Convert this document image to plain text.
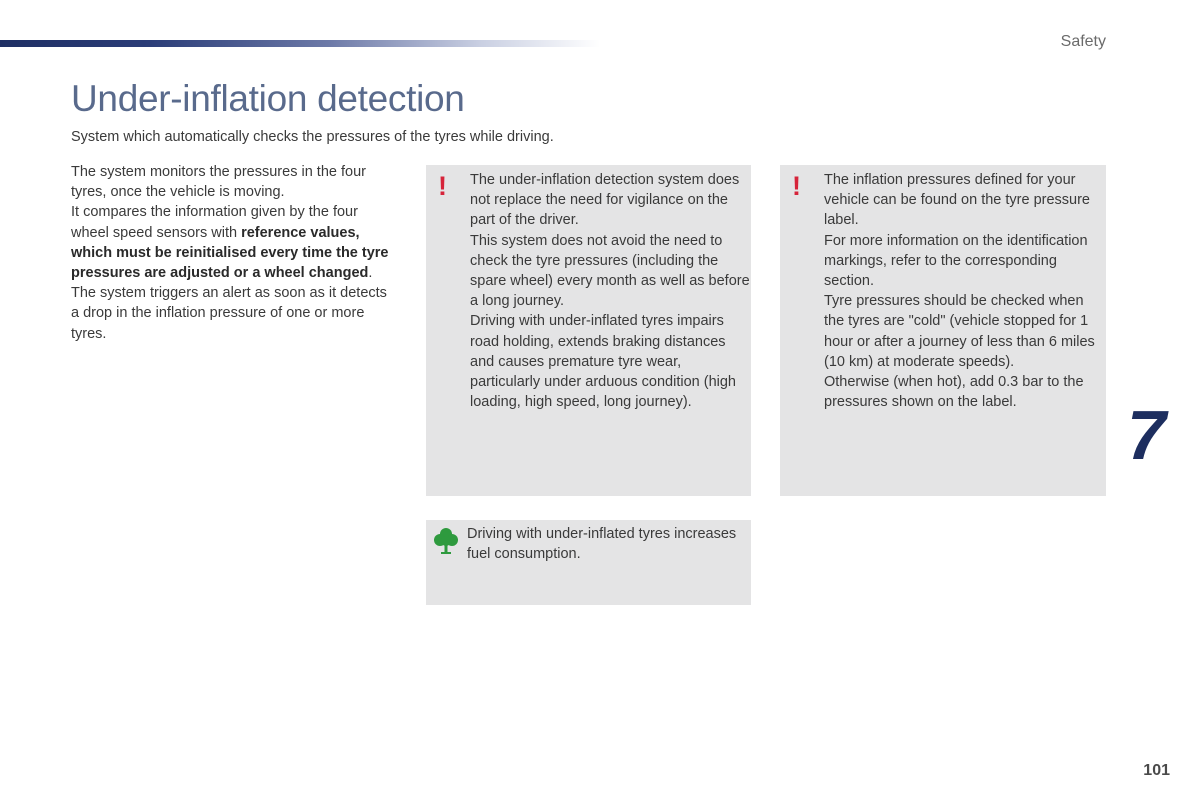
Safety
Under-inflation detection
System which automatically checks the pressures of the tyres while driving.

The system monitors the pressures in the four tyres, once the vehicle is moving.

It compares the information given by the four wheel speed sensors with reference values, which must be reinitialised every time the tyre pressures are adjusted or a wheel changed.

The system triggers an alert as soon as it detects a drop in the inflation pressure of one or more tyres.

! The under-inflation detection system does not replace the need for vigilance on the part of the driver.

This system does not avoid the need to check the tyre pressures (including the spare wheel) every month as well as before a long journey.

Driving with under-inflated tyres impairs road holding, extends braking distances and causes premature tyre wear, particularly under arduous condition (high loading, high speed, long journey).

! The inflation pressures defined for your vehicle can be found on the tyre pressure label.

For more information on the identification markings, refer to the corresponding section.

Tyre pressures should be checked when the tyres are "cold" (vehicle stopped for 1 hour or after a journey of less than 6 miles (10 km) at moderate speeds).

Otherwise (when hot), add 0.3 bar to the pressures shown on the label.

Driving with under-inflated tyres increases fuel consumption.
7
101
